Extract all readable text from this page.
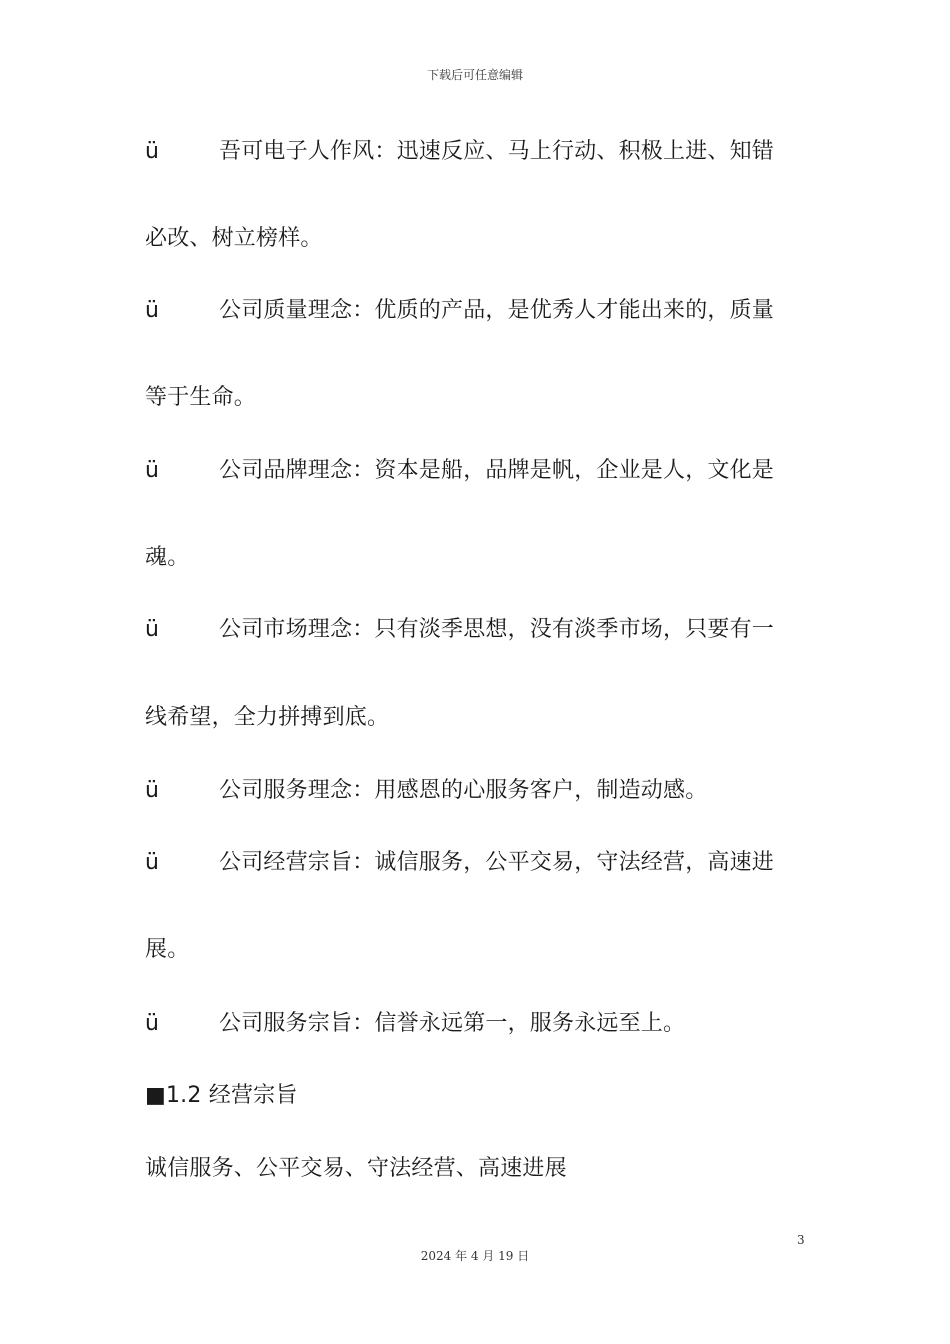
下载后可任意编辑
ü	吾可电子人作风：迅速反应、马上行动、积极上进、知错
必改、树立榜样。
ü	公司质量理念：优质的产品，是优秀人才能出来的，质量
等于生命。
ü	公司品牌理念：资本是船，品牌是帆，企业是人，文化是
魂。
ü	公司市场理念：只有淡季思想，没有淡季市场，只要有一
线希望，全力拼搏到底。
ü	公司服务理念：用感恩的心服务客户，制造动感。
ü	公司经营宗旨：诚信服务，公平交易，守法经营，高速进
展。
ü	公司服务宗旨：信誉永远第一，服务永远至上。
■1.2 经营宗旨
诚信服务、公平交易、守法经营、高速进展
3
2024 年 4 月 19 日
